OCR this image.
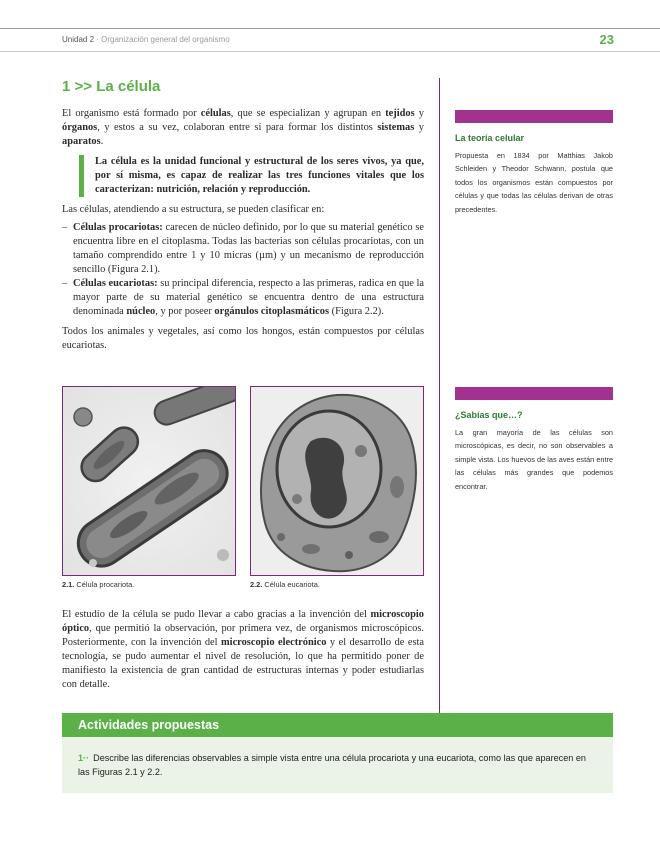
Unidad 2 · Organización general del organismo	23
1 >> La célula

El organismo está formado por células, que se especializan y agrupan en tejidos y órganos, y estos a su vez, colaboran entre sí para formar los distintos sistemas y aparatos.

La célula es la unidad funcional y estructural de los seres vivos, ya que, por sí misma, es capaz de realizar las tres funciones vitales que los caracterizan: nutrición, relación y reproducción.

Las células, atendiendo a su estructura, se pueden clasificar en:

– Células procariotas: carecen de núcleo definido, por lo que su material genético se encuentra libre en el citoplasma. Todas las bacterias son células procariotas, con un tamaño comprendido entre 1 y 10 micras (µm) y un mecanismo de reproducción sencillo (Figura 2.1).
– Células eucariotas: su principal diferencia, respecto a las primeras, radica en que la mayor parte de su material genético se encuentra dentro de una estructura denominada núcleo, y por poseer orgánulos citoplasmáticos (Figura 2.2).

Todos los animales y vegetales, así como los hongos, están compuestos por células eucariotas.

2.1. Célula procariota.	2.2. Célula eucariota.

El estudio de la célula se pudo llevar a cabo gracias a la invención del microscopio óptico, que permitió la observación, por primera vez, de organismos microscópicos. Posteriormente, con la invención del microscopio electrónico y el desarrollo de esta tecnología, se pudo aumentar el nivel de resolución, lo que ha permitido poner de manifiesto la existencia de gran cantidad de estructuras internas y poder estudiarlas con detalle.

La teoría celular
Propuesta en 1834 por Matthias Jakob Schleiden y Theodor Schwann, postula que todos los organismos están compuestos por células y que todas las células derivan de otras precedentes.
¿Sabías que…?
La gran mayoría de las células son microscópicas, es decir, no son observables a simple vista. Los huevos de las aves están entre las células más grandes que podemos encontrar.
Actividades propuestas
1·· Describe las diferencias observables a simple vista entre una célula procariota y una eucariota, como las que aparecen en las Figuras 2.1 y 2.2.
